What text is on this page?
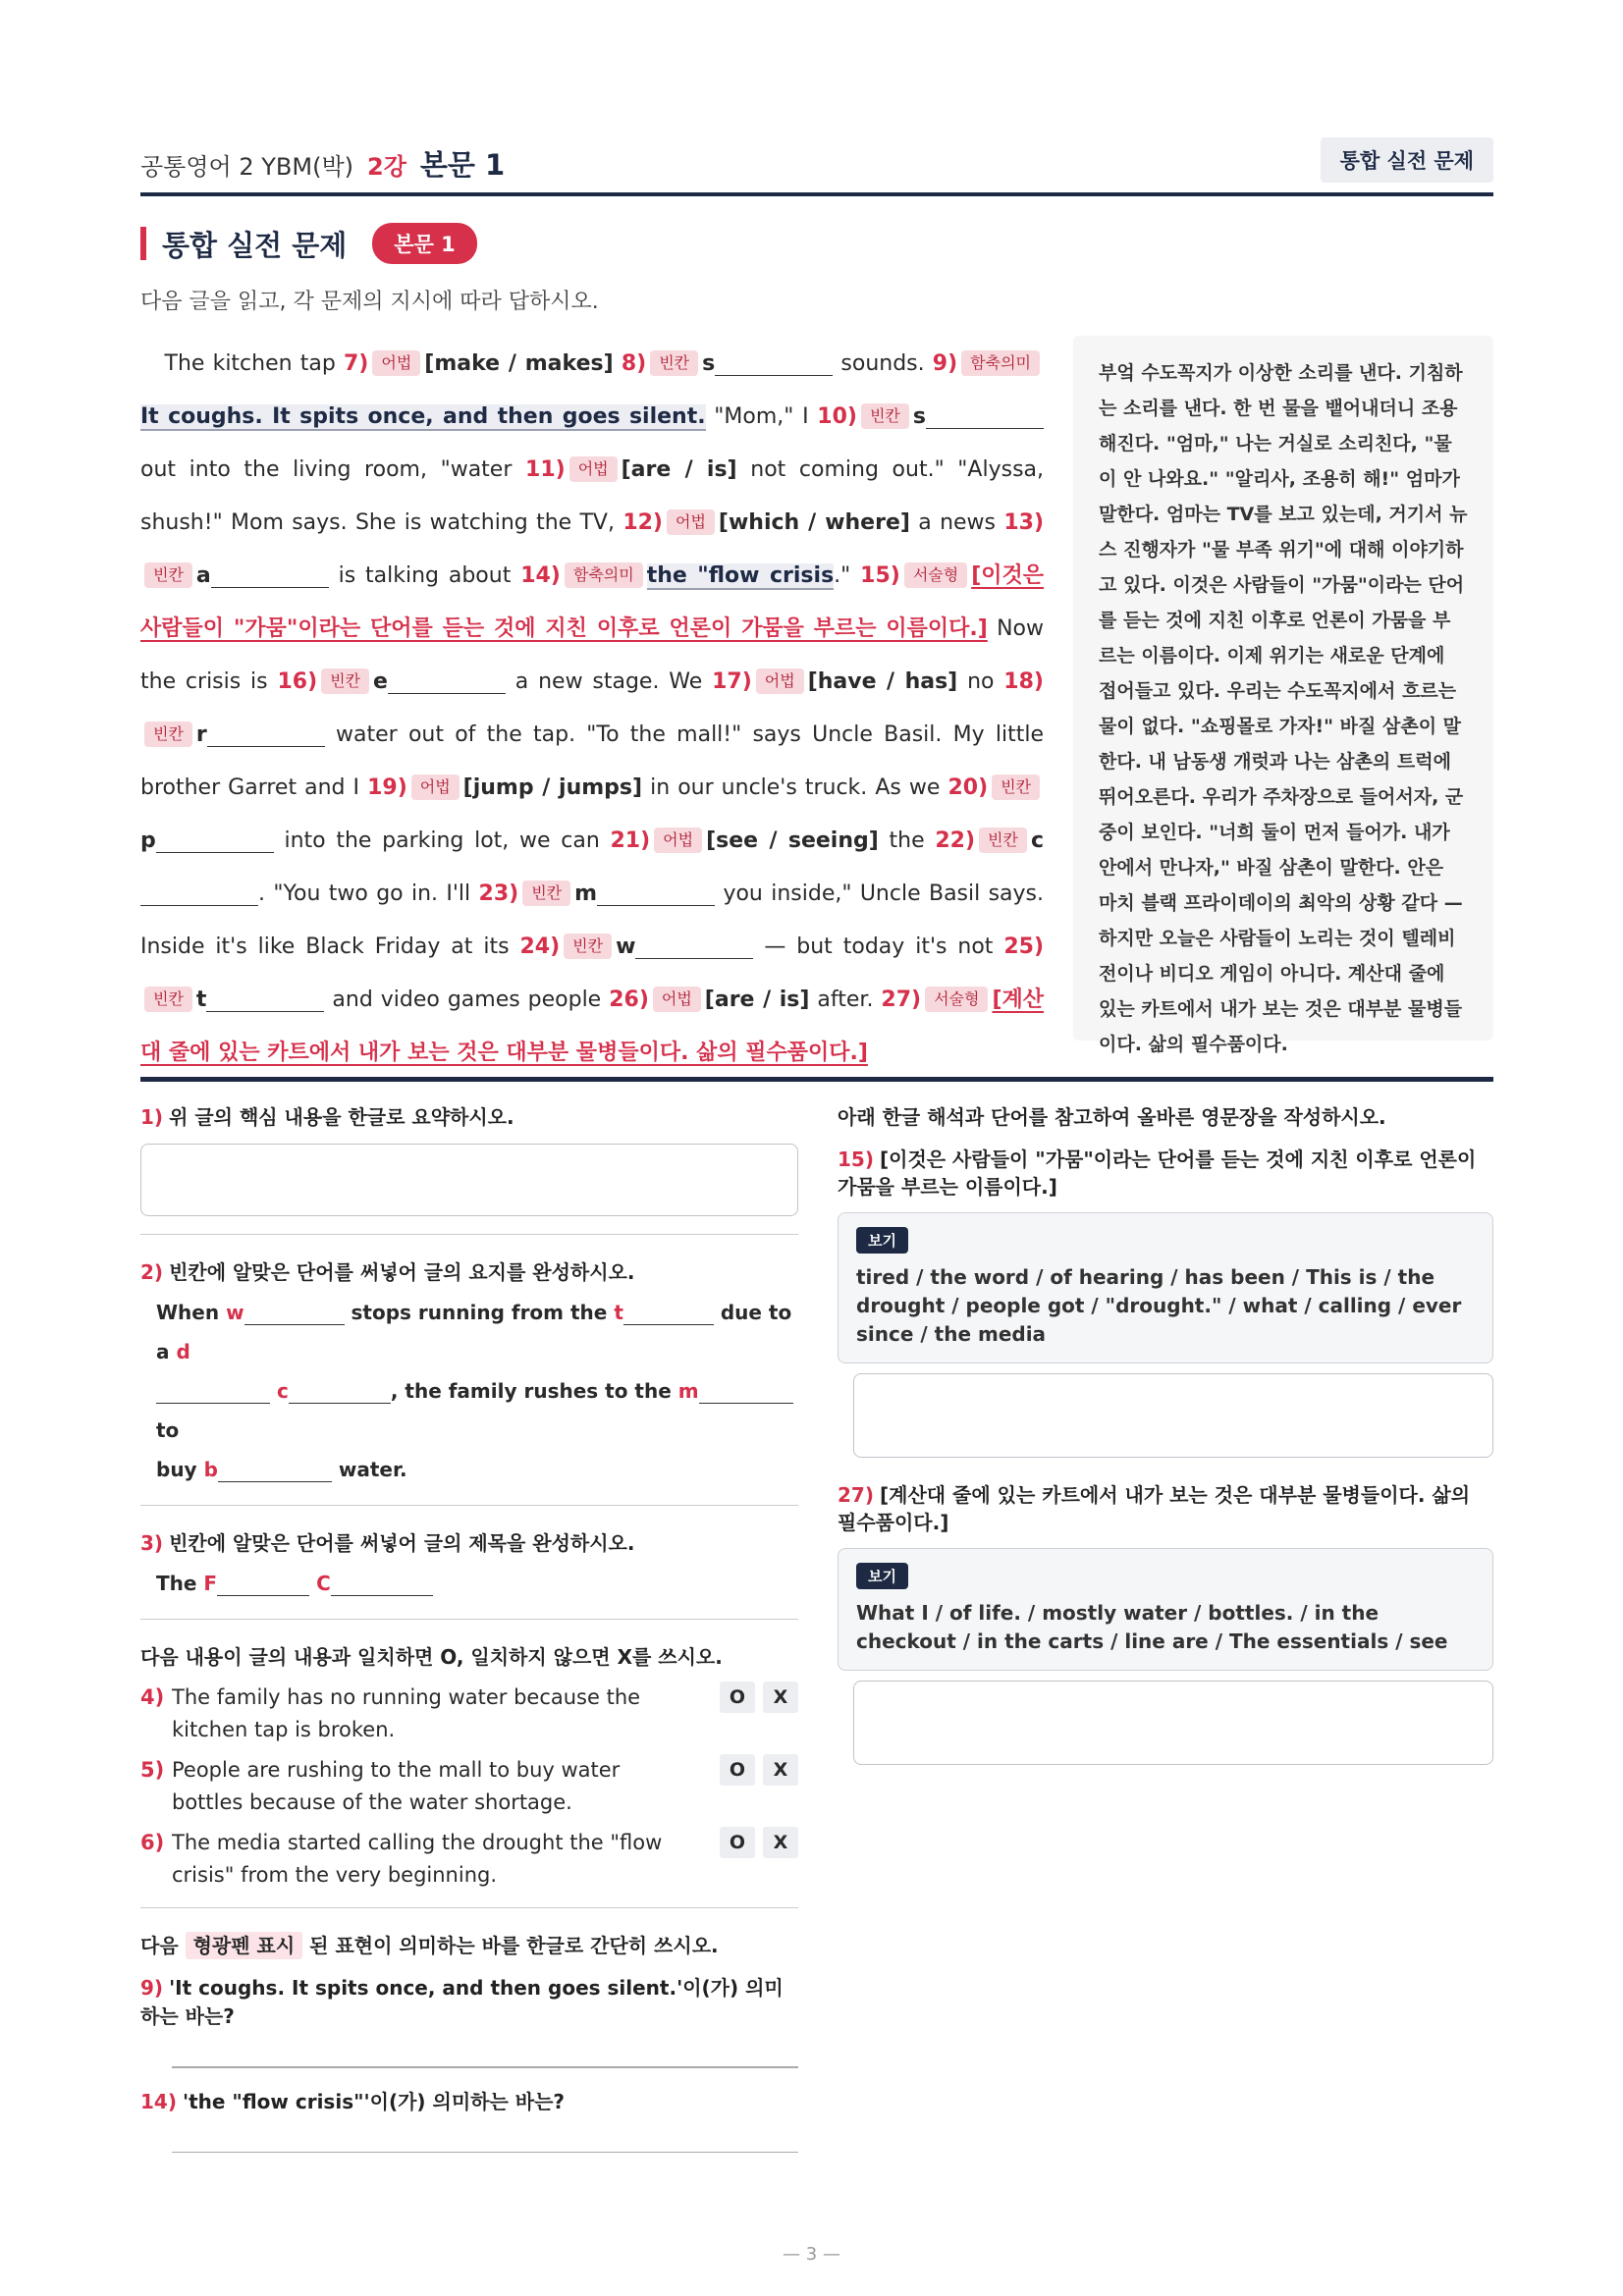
공통영어 2 YBM(박) 2강 본문 1	통합 실전 문제
통합 실전 문제	본문 1
다음 글을 읽고, 각 문제의 지시에 따라 답하시오.
The kitchen tap 7) 어법 [make / makes] 8) 빈칸 s	sounds. 9) 함축의미It coughs. It spits once, and then goes silent. "Mom," I 10) 빈칸 s out into the living room, "water 11) 어법 [are / is] not coming out." "Alyssa, shush!" Mom says. She is watching the TV, 12) 어법 [which / where] a news 13)빈칸 a	is talking about 14) 함축의미 the "flow crisis." 15) 서술형 [이것은 사람들이 "가뭄"이라는 단어를 듣는 것에 지친 이후로 언론이 가뭄을 부르는 이름이다.] Now the crisis is 16) 빈칸 e	a new stage. We 17) 어법 [have / has] no 18)빈칸 r	water out of the tap. "To the mall!" says Uncle Basil. My little brother Garret and I 19) 어법 [jump / jumps] in our uncle's truck. As we 20) 빈칸p	into the parking lot, we can 21) 어법 [see / seeing] the 22) 빈칸 c. "You two go in. I'll 23) 빈칸 m	you inside," Uncle Basil says. Inside it's like Black Friday at its 24) 빈칸 w	— but today it's not 25)빈칸 t	and video games people 26) 어법 [are / is] after. 27) 서술형 [계산대 줄에 있는 카트에서 내가 보는 것은 대부분 물병들이다. 삶의 필수품이다.]
부엌 수도꼭지가 이상한 소리를 낸다. 기침하는 소리를 낸다. 한 번 물을 뱉어내더니 조용해진다. "엄마," 나는 거실로 소리친다, "물이 안 나와요." "알리사, 조용히 해!" 엄마가 말한다. 엄마는 TV를 보고 있는데, 거기서 뉴스 진행자가 "물 부족 위기"에 대해 이야기하고 있다. 이것은 사람들이 "가뭄"이라는 단어를 듣는 것에 지친 이후로 언론이 가뭄을 부르는 이름이다. 이제 위기는 새로운 단계에 접어들고 있다. 우리는 수도꼭지에서 흐르는 물이 없다. "쇼핑몰로 가자!" 바질 삼촌이 말한다. 내 남동생 개럿과 나는 삼촌의 트럭에 뛰어오른다. 우리가 주차장으로 들어서자, 군중이 보인다. "너희 둘이 먼저 들어가. 내가 안에서 만나자," 바질 삼촌이 말한다. 안은 마치 블랙 프라이데이의 최악의 상황 같다 — 하지만 오늘은 사람들이 노리는 것이 텔레비전이나 비디오 게임이 아니다. 계산대 줄에 있는 카트에서 내가 보는 것은 대부분 물병들이다. 삶의 필수품이다.
1) 위 글의 핵심 내용을 한글로 요약하시오.
2) 빈칸에 알맞은 단어를 써넣어 글의 요지를 완성하시오.
When w	stops running from the t	due to a d
c	, the family rushes to the m to
buy b	water.
3) 빈칸에 알맞은 단어를 써넣어 글의 제목을 완성하시오.
The F	C
다음 내용이 글의 내용과 일치하면 O, 일치하지 않으면 X를 쓰시오.
4) The family has no running water because the kitchen tap is broken.
O	X
5) People are rushing to the mall to buy water bottles because of the water shortage.
O	X
6) The media started calling the drought the "flow crisis" from the very beginning.
O	X
다음 형광펜 표시 된 표현이 의미하는 바를 한글로 간단히 쓰시오.
9) 'It coughs. It spits once, and then goes silent.'이(가) 의미하는 바는?
14) 'the "flow crisis"'이(가) 의미하는 바는?
아래 한글 해석과 단어를 참고하여 올바른 영문장을 작성하시오.
15) [이것은 사람들이 "가뭄"이라는 단어를 듣는 것에 지친 이후로 언론이 가뭄을 부르는 이름이다.]
보기
tired / the word / of hearing / has been / This is / the drought / people got / "drought." / what / calling / ever since / the media
27) [계산대 줄에 있는 카트에서 내가 보는 것은 대부분 물병들이다. 삶의 필수품이다.]
보기
What I / of life. / mostly water / bottles. / in the checkout / in the carts / line are / The essentials / see
— 3 —
